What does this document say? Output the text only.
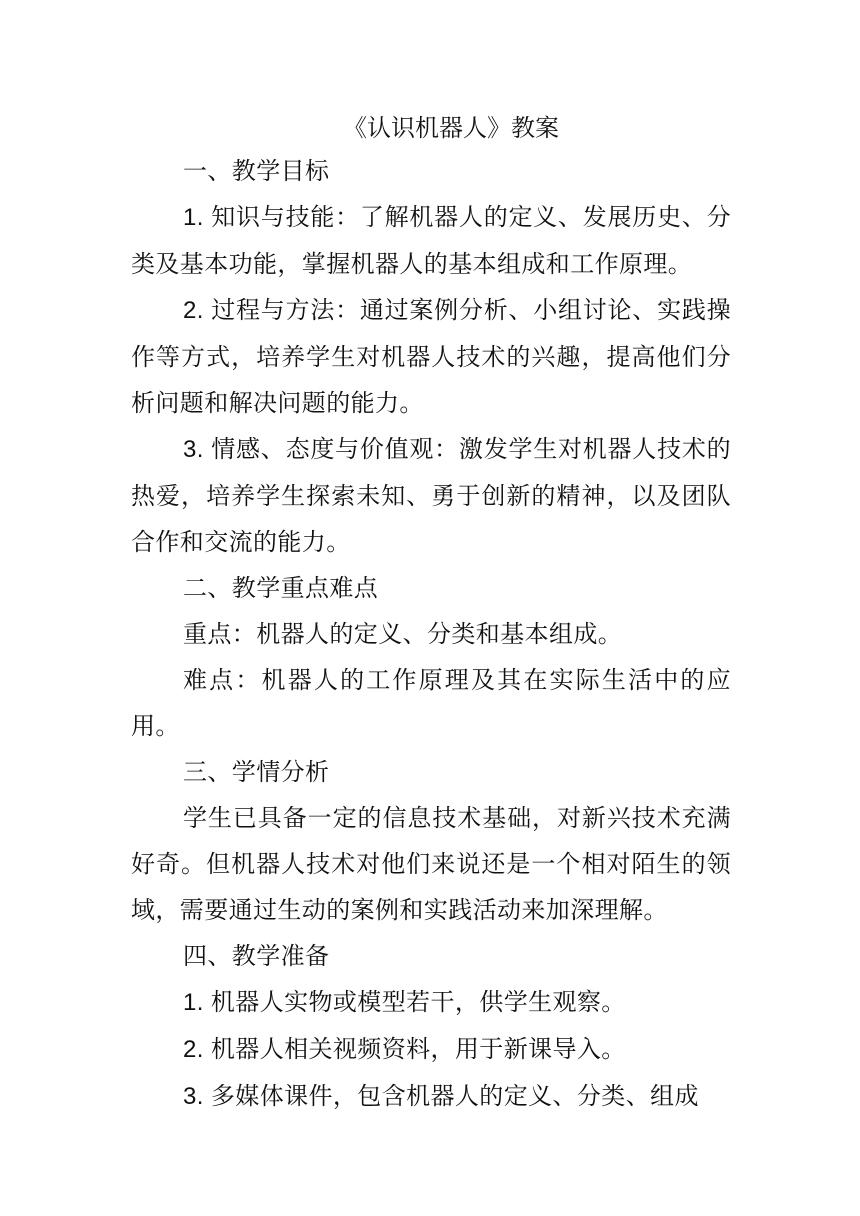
《认识机器人》教案

一、教学目标

1. 知识与技能：了解机器人的定义、发展历史、分类及基本功能，掌握机器人的基本组成和工作原理。

2. 过程与方法：通过案例分析、小组讨论、实践操作等方式，培养学生对机器人技术的兴趣，提高他们分析问题和解决问题的能力。

3. 情感、态度与价值观：激发学生对机器人技术的热爱，培养学生探索未知、勇于创新的精神，以及团队合作和交流的能力。

二、教学重点难点

重点：机器人的定义、分类和基本组成。

难点：机器人的工作原理及其在实际生活中的应用。

三、学情分析

学生已具备一定的信息技术基础，对新兴技术充满好奇。但机器人技术对他们来说还是一个相对陌生的领域，需要通过生动的案例和实践活动来加深理解。

四、教学准备

1. 机器人实物或模型若干，供学生观察。

2. 机器人相关视频资料，用于新课导入。

3. 多媒体课件，包含机器人的定义、分类、组成
